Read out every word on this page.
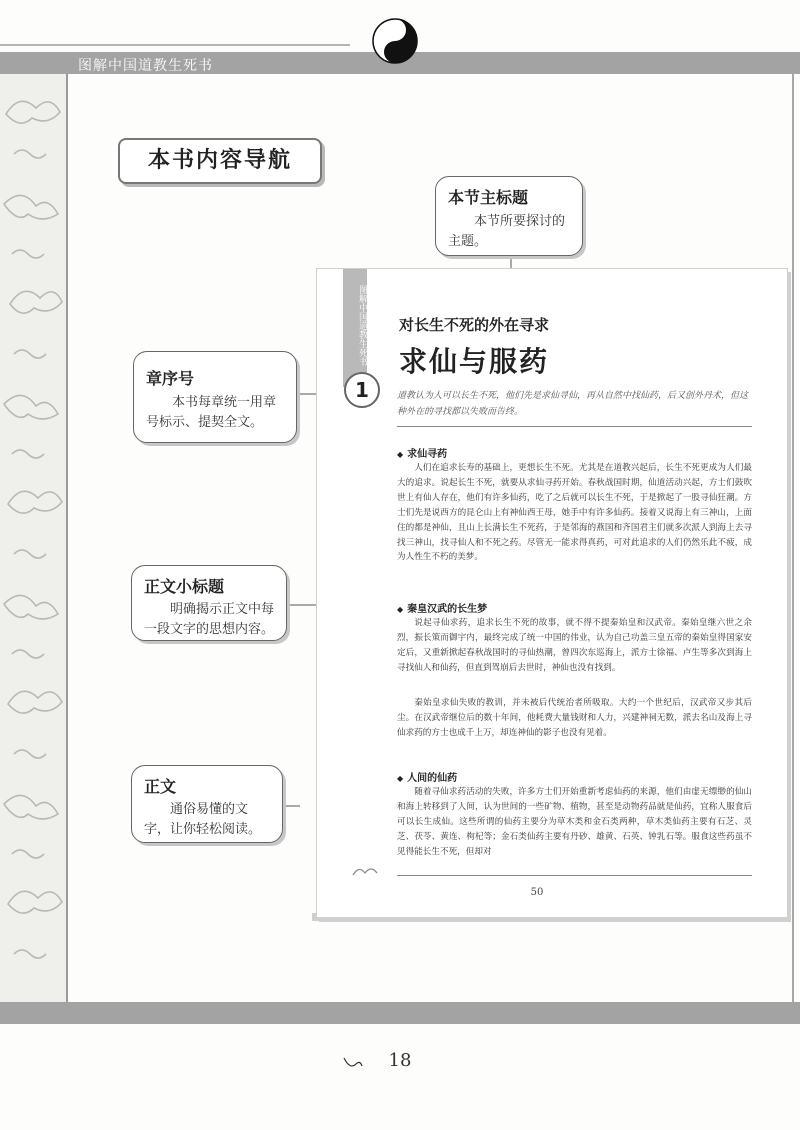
图解中国道教生死书
本书内容导航

本节主标题

本节所要探讨的主题。

章序号

本书每章统一用章号标示、提契全文。

正文小标题

明确揭示正文中每一段文字的思想内容。

正文

通俗易懂的文字，让你轻松阅读。

图解中国道教生死书 对长生不死的外在寻求
求仙与服药
1	道教认为人可以长生不死，他们先是求仙寻仙，再从自然中找仙药，后又创外丹术，但这种外在的寻找都以失败而告终。
◆ 求仙寻药

人们在追求长寿的基础上，更想长生不死。尤其是在道教兴起后，长生不死更成为人们最大的追求。说起长生不死，就要从求仙寻药开始。春秋战国时期，仙道活动兴起，方士们鼓吹世上有仙人存在，他们有许多仙药，吃了之后就可以长生不死，于是掀起了一股寻仙狂潮。方士们先是说西方的昆仑山上有神仙西王母，她手中有许多仙药。接着又说海上有三神山，上面住的都是神仙，且山上长满长生不死药，于是邻海的燕国和齐国君主们就多次派人到海上去寻找三神山，找寻仙人和不死之药。尽管无一能求得真药，可对此追求的人们仍然乐此不疲，成为人性生不朽的美梦。

◆ 秦皇汉武的长生梦

说起寻仙求药，追求长生不死的故事，就不得不提秦始皇和汉武帝。秦始皇继六世之余烈，振长策而御宇内，最终完成了统一中国的伟业，认为自己功盖三皇五帝的秦始皇得国家安定后，又重新掀起春秋战国时的寻仙热潮，曾四次东巡海上，派方士徐福、卢生等多次到海上寻找仙人和仙药，但直到驾崩后去世时，神仙也没有找到。

秦始皇求仙失败的教训，并未被后代统治者所吸取。大约一个世纪后，汉武帝又步其后尘。在汉武帝继位后的数十年间，他耗费大量钱财和人力，兴建神祠无数，派去名山及海上寻仙求药的方士也成千上万，却连神仙的影子也没有见着。

◆ 人间的仙药

随着寻仙求药活动的失败，许多方士们开始重新考虑仙药的来源，他们由虚无缥缈的仙山和海上转移到了人间，认为世间的一些矿物、植物，甚至是动物药品就是仙药，宜称人服食后可以长生成仙。这些所谓的仙药主要分为草木类和金石类两种，草木类仙药主要有石芝、灵芝、茯苓、黄连、枸杞等；金石类仙药主要有丹砂、雄黄、石英、钟乳石等。服食这些药虽不见得能长生不死，但却对

50
18
